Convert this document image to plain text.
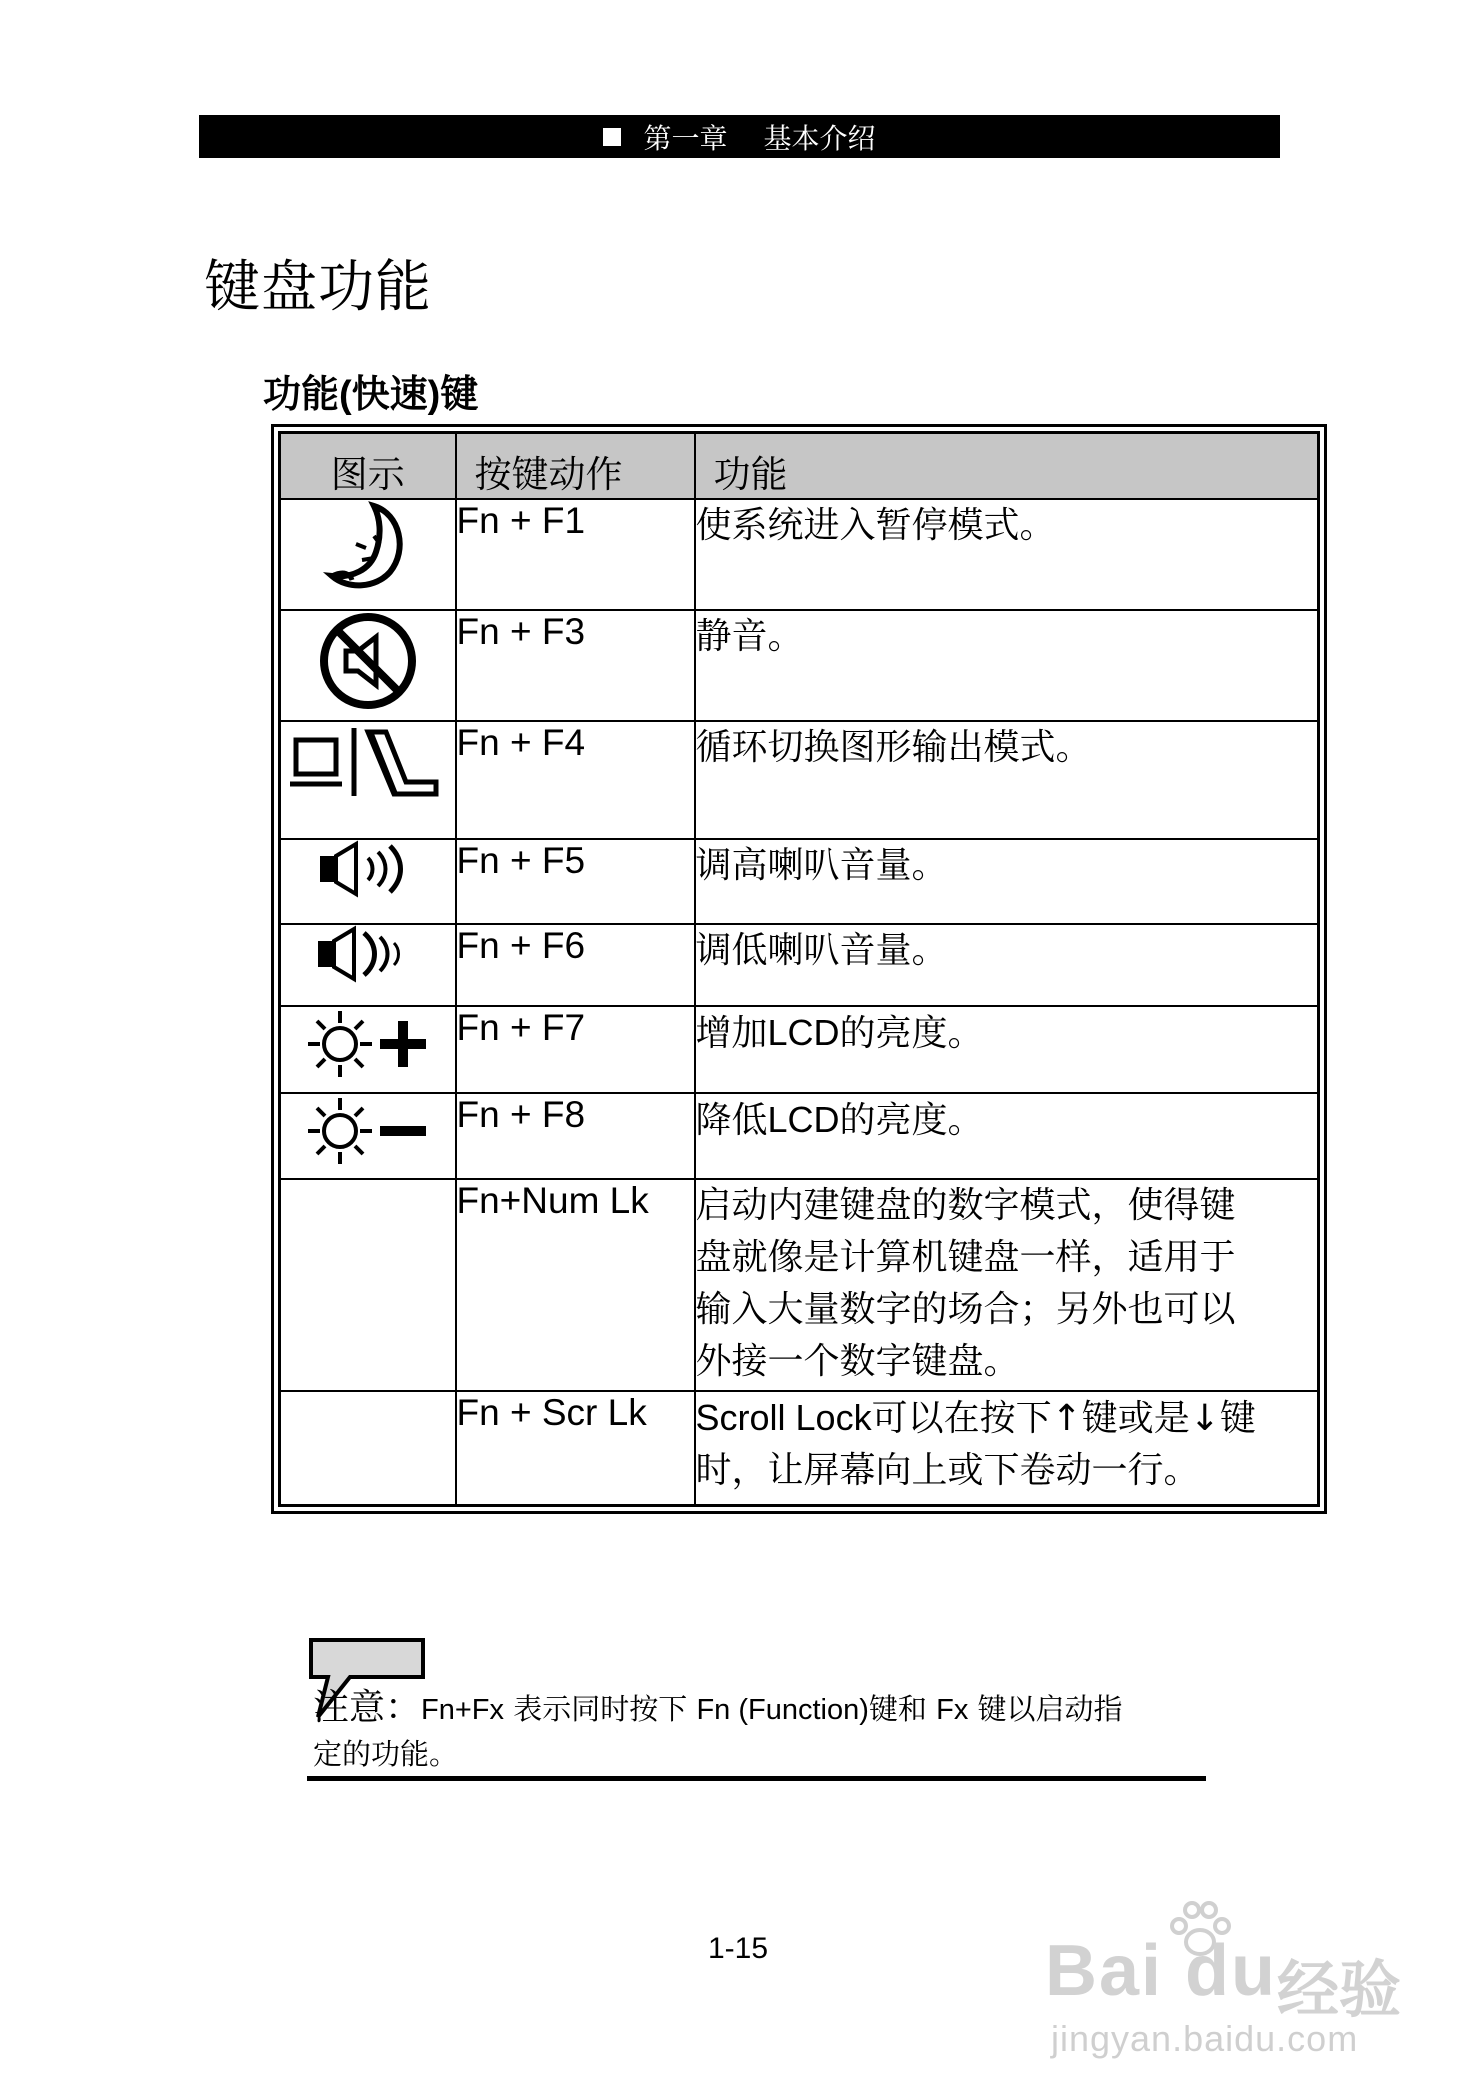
第一章 基本介绍
键盘功能
功能(快速)键
图示	按键动作	功能

	Fn + F1	使系统进入暂停模式。

	Fn + F3	静音。

	Fn + F4	循环切换图形输出模式。

	Fn + F5	调高喇叭音量。

	Fn + F6	调低喇叭音量。

	Fn + F7	增加LCD的亮度。

	Fn + F8	降低LCD的亮度。
	Fn+Num Lk	启动内建键盘的数字模式，使得键
盘就像是计算机键盘一样，适用于
输入大量数字的场合；另外也可以
外接一个数字键盘。

	Fn + Scr Lk	Scroll Lock可以在按下↑键或是↓键
时，让屏幕向上或下卷动一行。
注意：Fn+Fx 表示同时按下 Fn (Function)键和 Fx 键以启动指
定的功能。
1-15	Bai du 经验
jingyan.baidu.com
